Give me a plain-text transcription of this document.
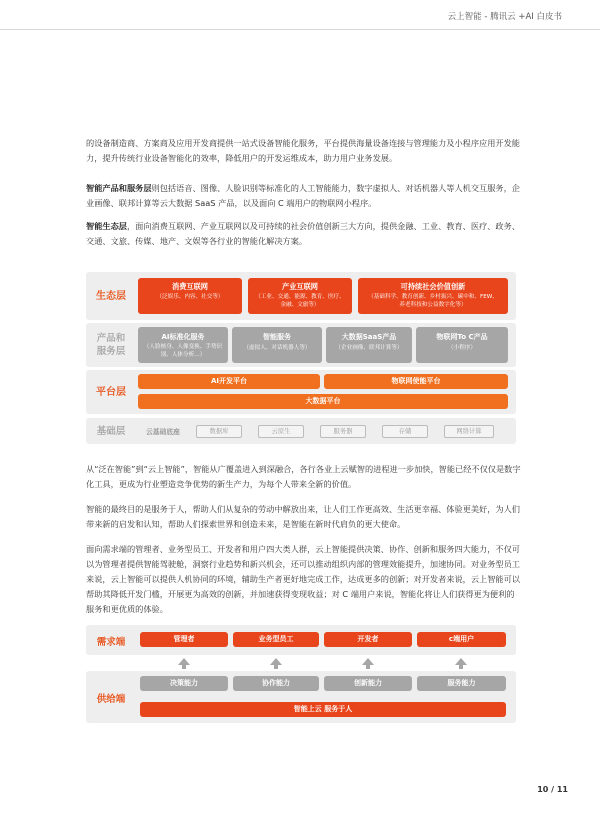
云上智能 - 腾讯云 +AI 白皮书

的设备制造商、方案商及应用开发商提供一站式设备智能化服务，平台提供海量设备连接与管理能力及小程序应用开发能力，提升传统行业设备智能化的效率，降低用户的开发运维成本，助力用户业务发展。

智能产品和服务层则包括语音、图像、人脸识别等标准化的人工智能能力，数字虚拟人、对话机器人等人机交互服务，企业画像、联邦计算等云大数据 SaaS 产品，以及面向 C 端用户的物联网小程序。

智能生态层，面向消费互联网、产业互联网以及可持续的社会价值创新三大方向，提供金融、工业、教育、医疗、政务、交通、文旅、传媒、地产、文娱等各行业的智能化解决方案。

生态层
消费互联网
（泛娱乐、内容、社交等）
产业互联网
（工业、交通、能源、教育、医疗、金融、文旅等）
可持续社会价值创新
（基础科学、教育创新、乡村振兴、碳中和、FEW、养老科技和公益数字化等）
产品和服务层
AI标准化服务
（人脸核身、人像变换、手势识别、人体分析…）
智能服务
（虚拟人、对话机器人等）
大数据SaaS产品
（企业画像、联邦计算等）
物联网To C产品
（小程序）
平台层
AI开发平台	物联网使能平台
大数据平台
基础层	云基础底座	数据库	云原生	服务器	存储	网络计算

从“泛在智能”到“云上智能”，智能从广覆盖进入到深融合，各行各业上云赋智的进程进一步加快，智能已经不仅仅是数字化工具，更成为行业塑造竞争优势的新生产力，为每个人带来全新的价值。

智能的最终目的是服务于人，帮助人们从复杂的劳动中解放出来，让人们工作更高效、生活更幸福、体验更美好，为人们带来新的启发和认知，帮助人们探索世界和创造未来，是智能在新时代肩负的更大使命。

面向需求端的管理者、业务型员工、开发者和用户四大类人群，云上智能提供决策、协作、创新和服务四大能力，不仅可以为管理者提供智能驾驶舱，洞察行业趋势和新兴机会，还可以推动组织内部的管理效能提升，加速协同。对业务型员工来说，云上智能可以提供人机协同的环境，辅助生产者更好地完成工作，达成更多的创新；对开发者来说，云上智能可以帮助其降低开发门槛，开展更为高效的创新，并加速获得变现收益；对 C 端用户来说，智能化将让人们获得更为便利的服务和更优质的体验。

需求端	管理者	业务型员工	开发者	c端用户
供给端
决策能力	协作能力	创新能力	服务能力
智能上云 服务于人
10 / 11
